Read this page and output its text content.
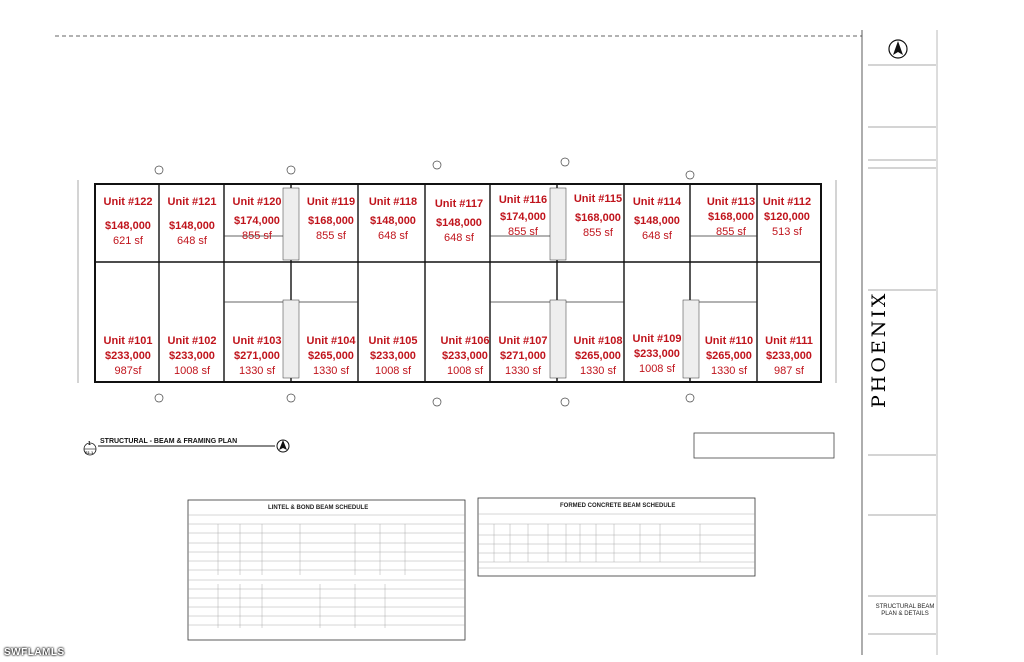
Unit #122
$148,000
621 sf
Unit #121
$148,000
648 sf
Unit #120
$174,000
855 sf
Unit #119
$168,000
855 sf
Unit #118
$148,000
648 sf
Unit #117
$148,000
648 sf
Unit #116
$174,000
855 sf
Unit #115
$168,000
855 sf
Unit #114
$148,000
648 sf
Unit #113
$168,000
855 sf
Unit #112
$120,000
513 sf
Unit #101
$233,000
987sf
Unit #102
$233,000
1008 sf
Unit #103
$271,000
1330 sf
Unit #104
$265,000
1330 sf
Unit #105
$233,000
1008 sf
Unit #106
$233,000
1008 sf
Unit #107
$271,000
1330 sf
Unit #108
$265,000
1330 sf
Unit #109
$233,000
1008 sf
Unit #110
$265,000
1330 sf
Unit #111
$233,000
987 sf
1
S1.1
STRUCTURAL - BEAM & FRAMING PLAN
LINTEL & BOND BEAM SCHEDULE	FORMED CONCRETE BEAM SCHEDULE
PHOENIX
STRUCTURAL BEAM PLAN & DETAILS
SWFLAMLS
